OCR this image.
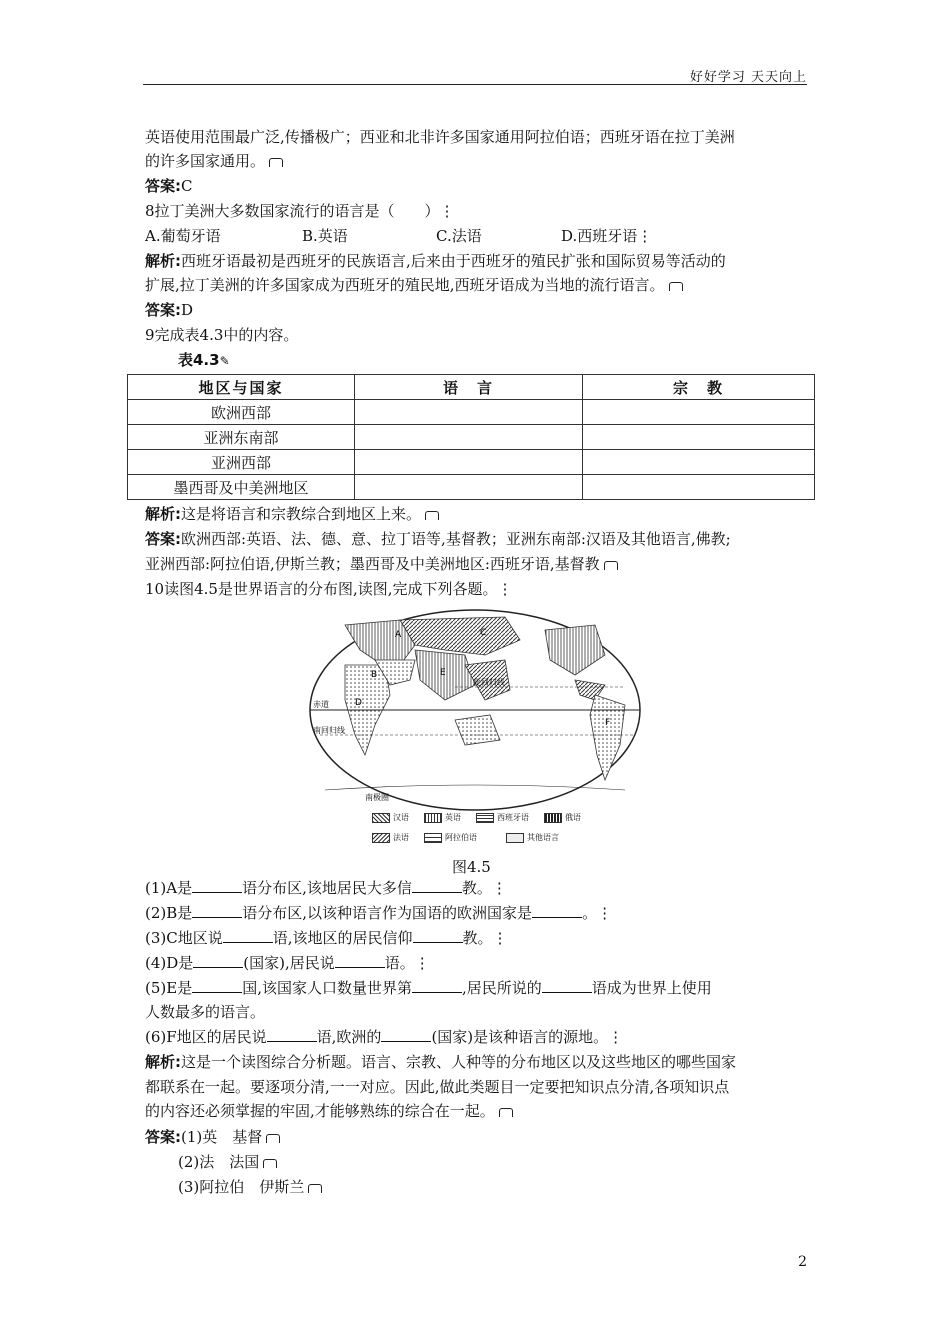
好好学习 天天向上
英语使用范围最广泛,传播极广；西亚和北非许多国家通用阿拉伯语；西班牙语在拉丁美洲
的许多国家通用。
答案:C
8拉丁美洲大多数国家流行的语言是（　　）⋮
A.葡萄牙语	B.英语	C.法语	D.西班牙语⋮
解析:西班牙语最初是西班牙的民族语言,后来由于西班牙的殖民扩张和国际贸易等活动的
扩展,拉丁美洲的许多国家成为西班牙的殖民地,西班牙语成为当地的流行语言。
答案:D
9完成表4.3中的内容。
表4.3✎
地区与国家	语　言	宗　教
欧洲西部		
亚洲东南部		
亚洲西部		
墨西哥及中美洲地区		
解析:这是将语言和宗教综合到地区上来。
答案:欧洲西部:英语、法、德、意、拉丁语等,基督教；亚洲东南部:汉语及其他语言,佛教;
亚洲西部:阿拉伯语,伊斯兰教；墨西哥及中美洲地区:西班牙语,基督教
10读图4.5是世界语言的分布图,读图,完成下列各题。⋮
北回归线
赤道
南回归线
南极圈
A
B
C
D
E
F
汉语	英语	西班牙语	俄语
法语	阿拉伯语	其他语言
图4.5
(1)A是	语分布区,该地居民大多信	教。⋮
(2)B是	语分布区,以该种语言作为国语的欧洲国家是	。⋮
(3)C地区说	语,该地区的居民信仰	教。⋮
(4)D是	(国家),居民说	语。⋮
(5)E是	国,该国家人口数量世界第	,居民所说的	语成为世界上使用
人数最多的语言。
(6)F地区的居民说	语,欧洲的	(国家)是该种语言的源地。⋮
解析:这是一个读图综合分析题。语言、宗教、人种等的分布地区以及这些地区的哪些国家
都联系在一起。要逐项分清,一一对应。因此,做此类题目一定要把知识点分清,各项知识点
的内容还必须掌握的牢固,才能够熟练的综合在一起。
答案:(1)英　基督
(2)法　法国
(3)阿拉伯　伊斯兰
2
